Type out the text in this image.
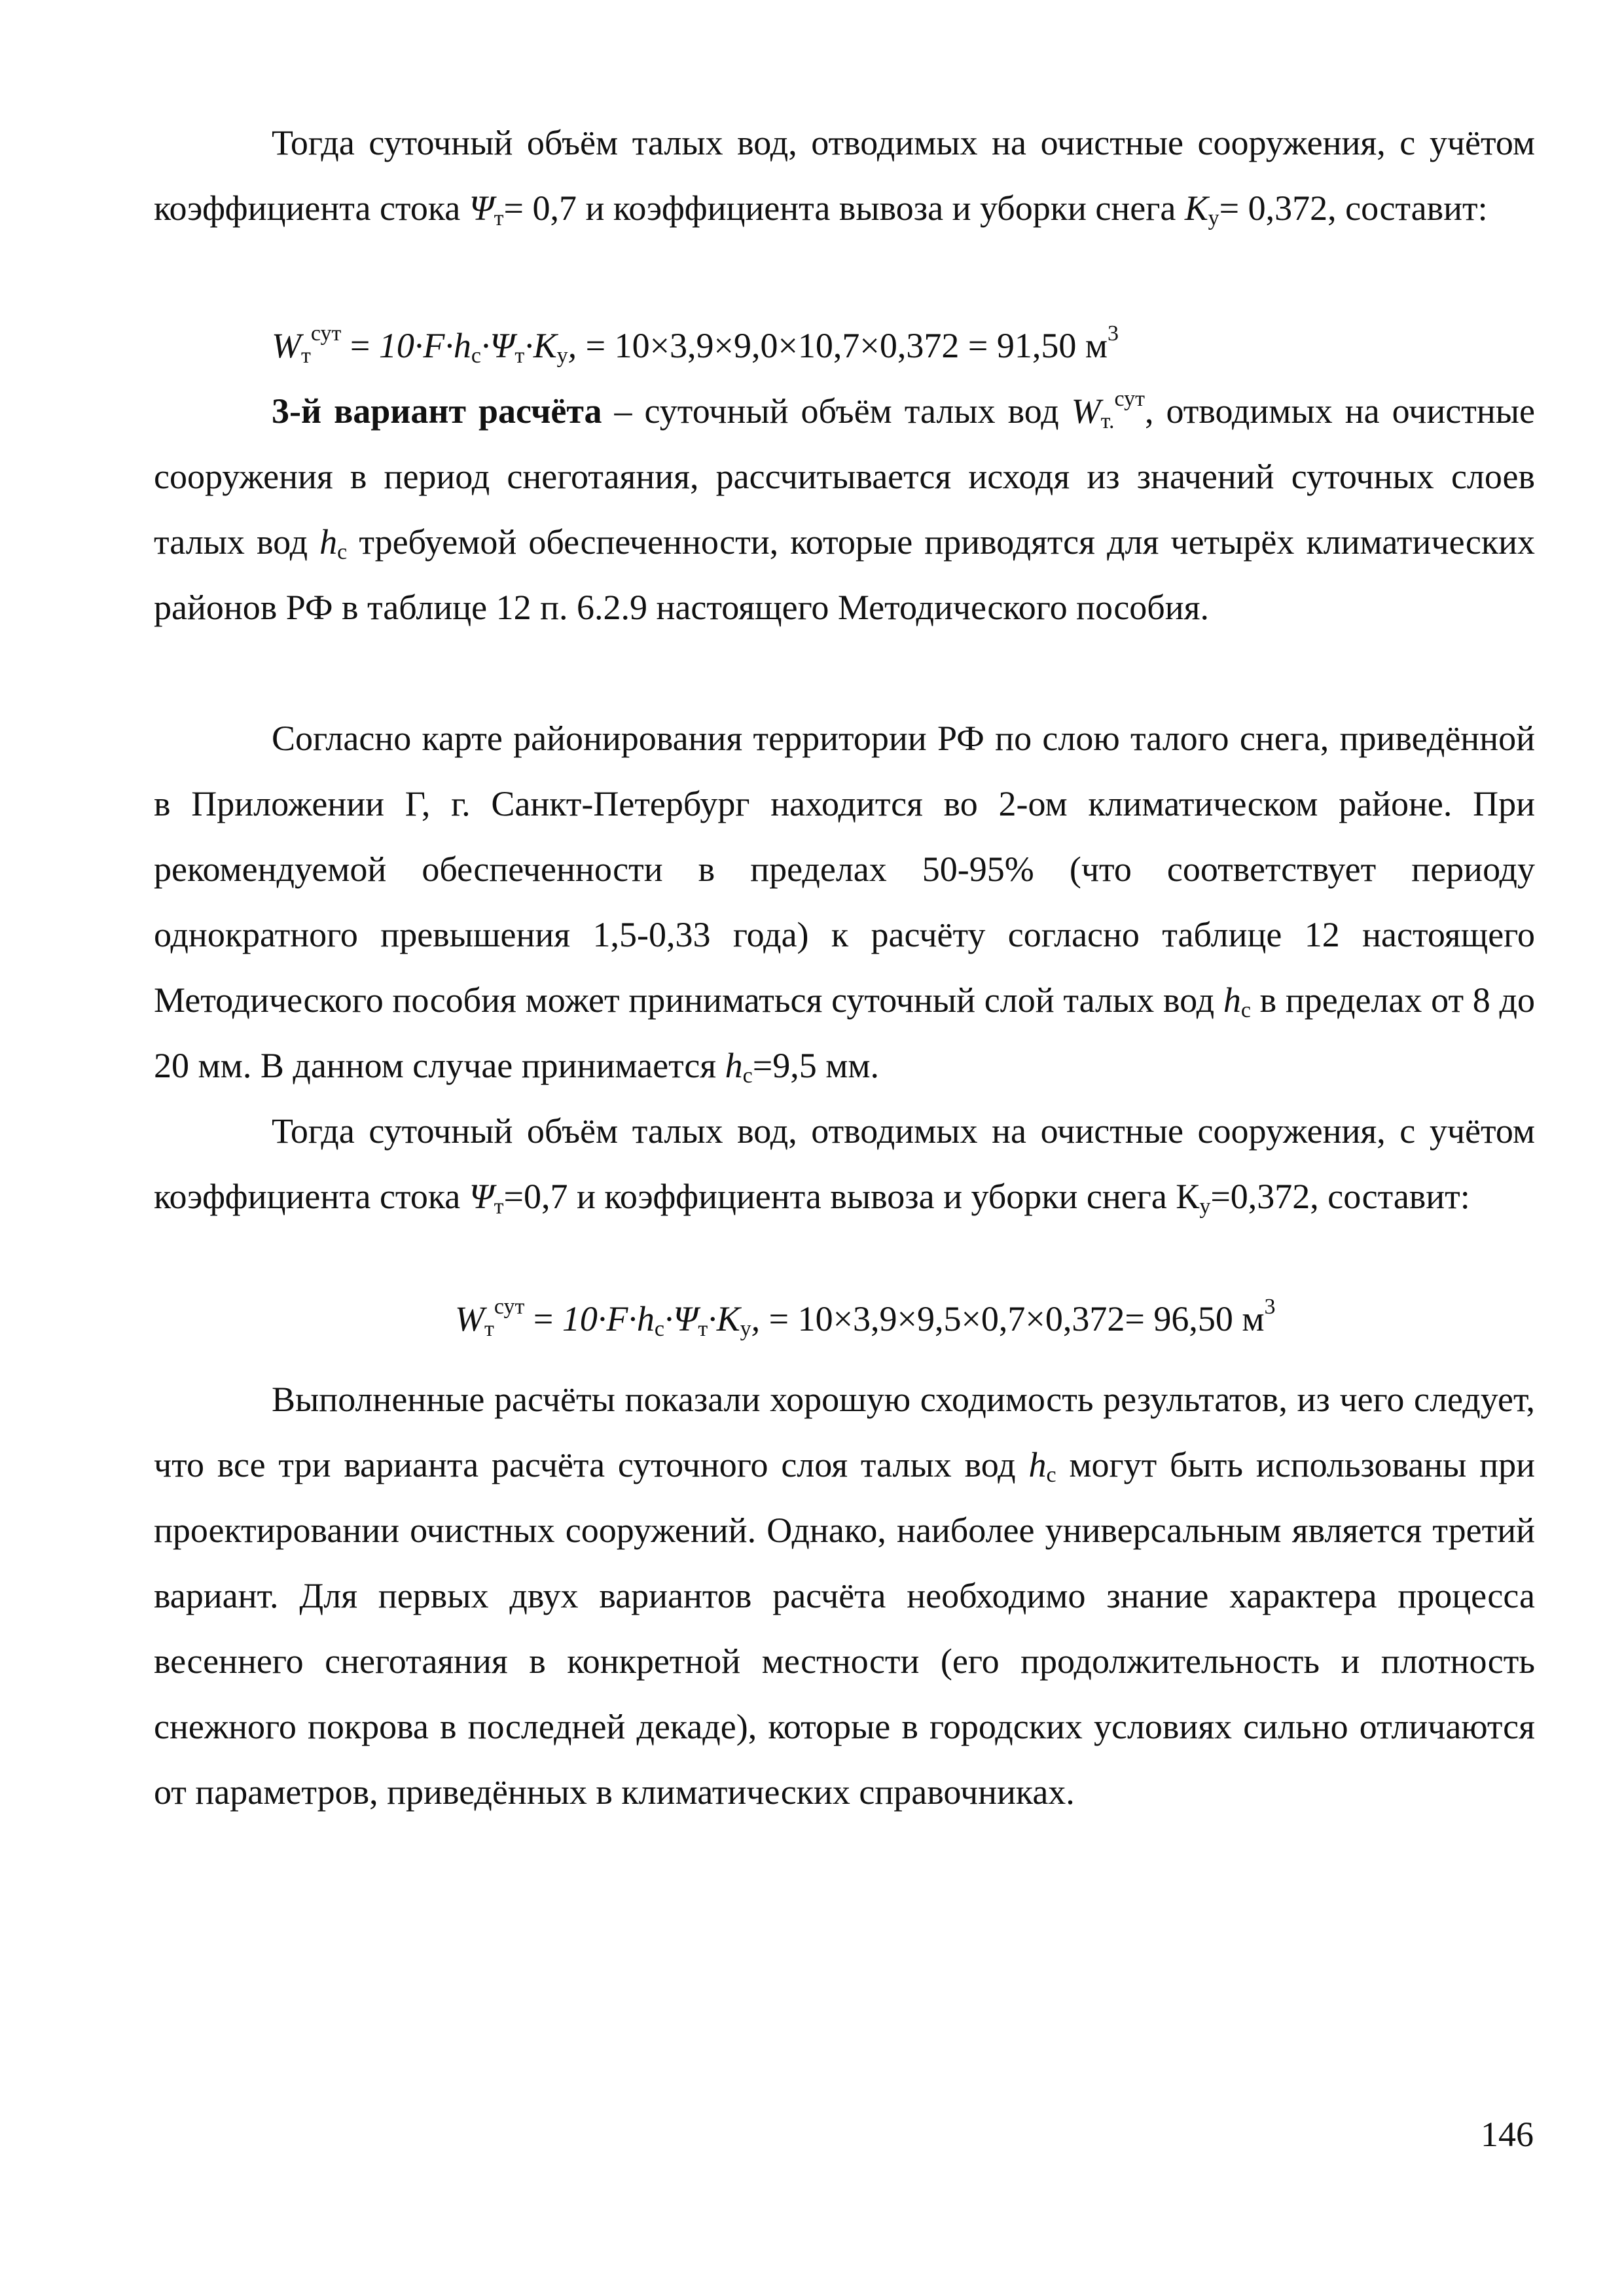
Тогда суточный объём талых вод, отводимых на очистные сооружения, с учётом коэффициента стока $\Psi_т= 0,7$ и коэффициента вывоза и уборки снега $К_у= 0,372$, составит:

$W_т^{сут} = 10\cdot F\cdot h_с\cdot\Psi_т\cdot К_у$, = 10×3,9×9,0×10,7×0,372 = 91,50 $м^3$

3-й вариант расчёта – суточный объём талых вод $W_{т.}^{сут}$, отводимых на очистные сооружения в период снеготаяния, рассчитывается исходя из значений суточных слоев талых вод $h_c$ требуемой обеспеченности, которые приводятся для четырёх климатических районов РФ в таблице 12 п. 6.2.9 настоящего Методического пособия.

Согласно карте районирования территории РФ по слою талого снега, приведённой в Приложении Г, г. Санкт-Петербург находится во 2-ом климатическом районе. При рекомендуемой обеспеченности в пределах 50-95% (что соответствует периоду однократного превышения 1,5-0,33 года) к расчёту согласно таблице 12 настоящего Методического пособия может приниматься суточный слой талых вод $h_с$ в пределах от 8 до 20 мм. В данном случае принимается $h_с=9,5$ мм.

Тогда суточный объём талых вод, отводимых на очистные сооружения, с учётом коэффициента стока $\Psi_т=0,7$ и коэффициента вывоза и уборки снега $К_у=0,372$, составит:

$W_т^{сут} = 10\cdot F\cdot h_c\cdot\Psi_т\cdot К_y$, = 10×3,9×9,5×0,7×0,372= 96,50 $м^3$

Выполненные расчёты показали хорошую сходимость результатов, из чего следует, что все три варианта расчёта суточного слоя талых вод $h_с$ могут быть использованы при проектировании очистных сооружений. Однако, наиболее универсальным является третий вариант. Для первых двух вариантов расчёта необходимо знание характера процесса весеннего снеготаяния в конкретной местности (его продолжительность и плотность снежного покрова в последней декаде), которые в городских условиях сильно отличаются от параметров, приведённых в климатических справочниках.

146
